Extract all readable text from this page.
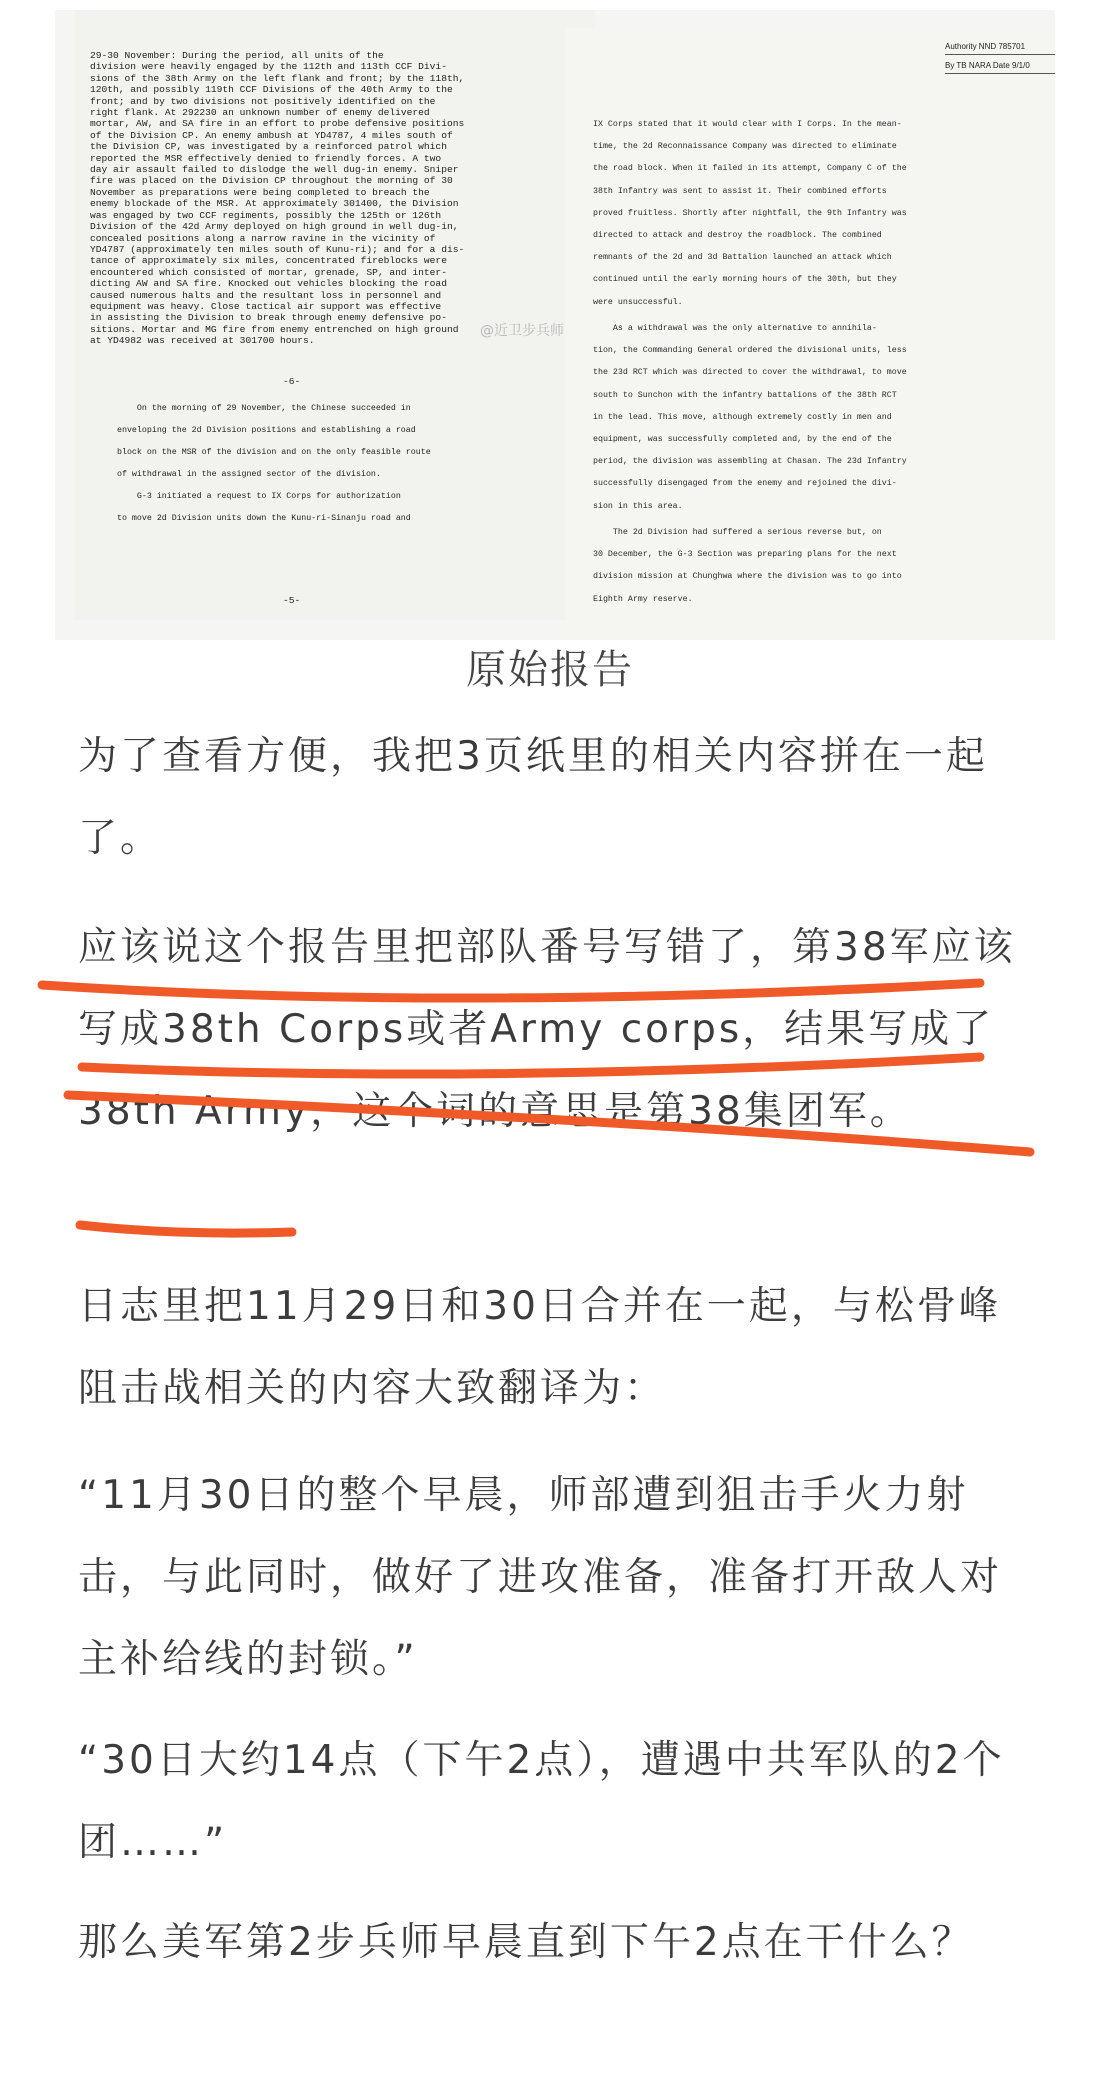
29-30 November: During the period, all units of the
division were heavily engaged by the 112th and 113th CCF Divi-
sions of the 38th Army on the left flank and front; by the 118th,
120th, and possibly 119th CCF Divisions of the 40th Army to the
front; and by two divisions not positively identified on the
right flank. At 292230 an unknown number of enemy delivered
mortar, AW, and SA fire in an effort to probe defensive positions
of the Division CP. An enemy ambush at YD4787, 4 miles south of
the Division CP, was investigated by a reinforced patrol which
reported the MSR effectively denied to friendly forces. A two
day air assault failed to dislodge the well dug-in enemy. Sniper
fire was placed on the Division CP throughout the morning of 30
November as preparations were being completed to breach the
enemy blockade of the MSR. At approximately 301400, the Division
was engaged by two CCF regiments, possibly the 125th or 126th
Division of the 42d Army deployed on high ground in well dug-in,
concealed positions along a narrow ravine in the vicinity of
YD4787 (approximately ten miles south of Kunu-ri); and for a dis-
tance of approximately six miles, concentrated fireblocks were
encountered which consisted of mortar, grenade, SP, and inter-
dicting AW and SA fire. Knocked out vehicles blocking the road
caused numerous halts and the resultant loss in personnel and
equipment was heavy. Close tactical air support was effective
in assisting the Division to break through enemy defensive po-
sitions. Mortar and MG fire from enemy entrenched on high ground
at YD4982 was received at 301700 hours.

-6-

On the morning of 29 November, the Chinese succeeded in
enveloping the 2d Division positions and establishing a road
block on the MSR of the division and on the only feasible route
of withdrawal in the assigned sector of the division.
G-3 initiated a request to IX Corps for authorization
to move 2d Division units down the Kunu-ri-Sinanju road and

-5-

Authority NND 785701
By TB NARA Date 9/1/0

IX Corps stated that it would clear with I Corps. In the mean-
time, the 2d Reconnaissance Company was directed to eliminate
the road block. When it failed in its attempt, Company C of the
38th Infantry was sent to assist it. Their combined efforts
proved fruitless. Shortly after nightfall, the 9th Infantry was
directed to attack and destroy the roadblock. The combined
remnants of the 2d and 3d Battalion launched an attack which
continued until the early morning hours of the 30th, but they
were unsuccessful.

As a withdrawal was the only alternative to annihila-
tion, the Commanding General ordered the divisional units, less
the 23d RCT which was directed to cover the withdrawal, to move
south to Sunchon with the infantry battalions of the 38th RCT
in the lead. This move, although extremely costly in men and
equipment, was successfully completed and, by the end of the
period, the division was assembling at Chasan. The 23d Infantry
successfully disengaged from the enemy and rejoined the divi-
sion in this area.

The 2d Division had suffered a serious reverse but, on
30 December, the G-3 Section was preparing plans for the next
division mission at Chunghwa where the division was to go into
Eighth Army reserve.

@近卫步兵师
原始报告

为了查看方便，我把3页纸里的相关内容拼在一起了。

应该说这个报告里把部队番号写错了，第38军应该写成38th Corps或者Army corps，结果写成了38th Army，这个词的意思是第38集团军。

日志里把11月29日和30日合并在一起，与松骨峰阻击战相关的内容大致翻译为：

“11月30日的整个早晨，师部遭到狙击手火力射击，与此同时，做好了进攻准备，准备打开敌人对主补给线的封锁。”

“30日大约14点（下午2点），遭遇中共军队的2个团……”

那么美军第2步兵师早晨直到下午2点在干什么？
